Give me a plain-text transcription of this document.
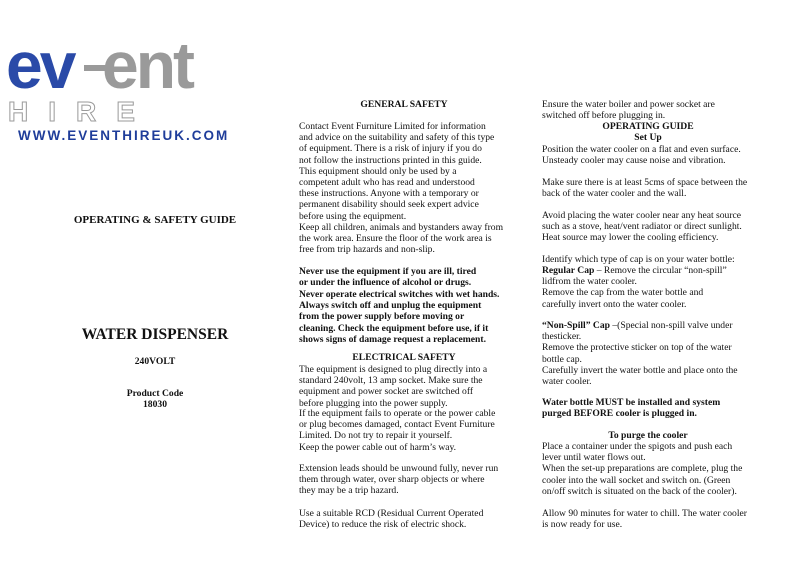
ev ent
HIRE
WWW.EVENTHIREUK.COM
OPERATING & SAFETY GUIDE
WATER DISPENSER
240VOLT
Product Code
18030
GENERAL SAFETY

Contact Event Furniture Limited for information

and advice on the suitability and safety of this type

of equipment. There is a risk of injury if you do

not follow the instructions printed in this guide.

This equipment should only be used by a

competent adult who has read and understood

these instructions. Anyone with a temporary or

permanent disability should seek expert advice

before using the equipment.

Keep all children, animals and bystanders away from

the work area. Ensure the floor of the work area is

free from trip hazards and non-slip.

Never use the equipment if you are ill, tired

or under the influence of alcohol or drugs.

Never operate electrical switches with wet hands.

Always switch off and unplug the equipment

from the power supply before moving or

cleaning. Check the equipment before use, if it

shows signs of damage request a replacement.

ELECTRICAL SAFETY

The equipment is designed to plug directly into a

standard 240volt, 13 amp socket. Make sure the

equipment and power socket are switched off

before plugging into the power supply.

If the equipment fails to operate or the power cable

or plug becomes damaged, contact Event Furniture

Limited. Do not try to repair it yourself.

Keep the power cable out of harm’s way.

Extension leads should be unwound fully, never run

them through water, over sharp objects or where

they may be a trip hazard.

Use a suitable RCD (Residual Current Operated

Device) to reduce the risk of electric shock.

Ensure the water boiler and power socket are

switched off before plugging in.

OPERATING GUIDE
Set Up

Position the water cooler on a flat and even surface.

Unsteady cooler may cause noise and vibration.

Make sure there is at least 5cms of space between the

back of the water cooler and the wall.

Avoid placing the water cooler near any heat source

such as a stove, heat/vent radiator or direct sunlight.

Heat source may lower the cooling efficiency.

Identify which type of cap is on your water bottle:

Regular Cap – Remove the circular “non-spill”

lidfrom the water cooler.

Remove the cap from the water bottle and

carefully invert onto the water cooler.

“Non-Spill” Cap –(Special non-spill valve under

thesticker.

Remove the protective sticker on top of the water

bottle cap.

Carefully invert the water bottle and place onto the

water cooler.

Water bottle MUST be installed and system

purged BEFORE cooler is plugged in.

To purge the cooler

Place a container under the spigots and push each

lever until water flows out.

When the set-up preparations are complete, plug the

cooler into the wall socket and switch on. (Green

on/off switch is situated on the back of the cooler).

Allow 90 minutes for water to chill. The water cooler

is now ready for use.
